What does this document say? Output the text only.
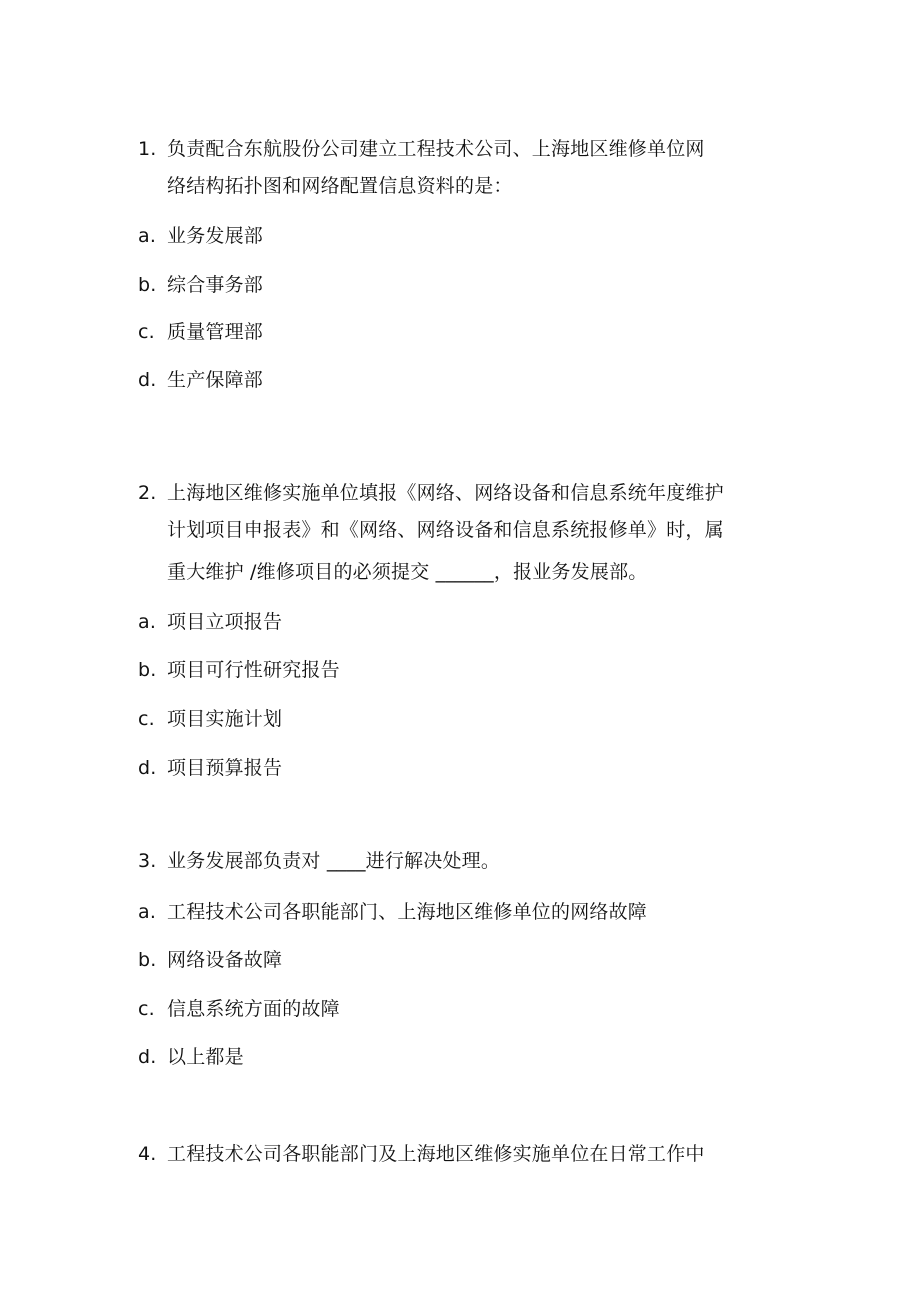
1. 负责配合东航股份公司建立工程技术公司、上海地区维修单位网
络结构拓扑图和网络配置信息资料的是：
a. 业务发展部
b. 综合事务部
c. 质量管理部
d. 生产保障部
2. 上海地区维修实施单位填报《网络、网络设备和信息系统年度维护
计划项目申报表》和《网络、网络设备和信息系统报修单》时，属
重大维护 /维修项目的必须提交 ______，报业务发展部。
a. 项目立项报告
b. 项目可行性研究报告
c. 项目实施计划
d. 项目预算报告
3. 业务发展部负责对 ____进行解决处理。
a. 工程技术公司各职能部门、上海地区维修单位的网络故障
b. 网络设备故障
c. 信息系统方面的故障
d. 以上都是
4. 工程技术公司各职能部门及上海地区维修实施单位在日常工作中
